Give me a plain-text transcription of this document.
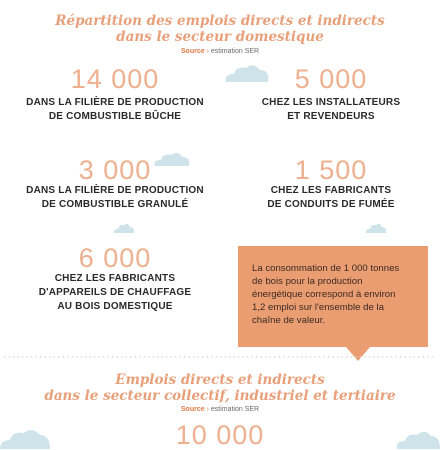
Répartition des emplois directs et indirects
dans le secteur domestique
Source › estimation SER
14 000
DANS LA FILIÈRE DE PRODUCTION
DE COMBUSTIBLE BÛCHE
5 000
CHEZ LES INSTALLATEURS
ET REVENDEURS
3 000
DANS LA FILIÈRE DE PRODUCTION
DE COMBUSTIBLE GRANULÉ
1 500
CHEZ LES FABRICANTS
DE CONDUITS DE FUMÉE
6 000
CHEZ LES FABRICANTS
D'APPAREILS DE CHAUFFAGE
AU BOIS DOMESTIQUE
La consommation de 1 000 tonnes
de bois pour la production
énergétique correspond à environ
1,2 emploi sur l'ensemble de la
chaîne de valeur.
Emplois directs et indirects
dans le secteur collectif, industriel et tertiaire
Source › estimation SER
10 000
